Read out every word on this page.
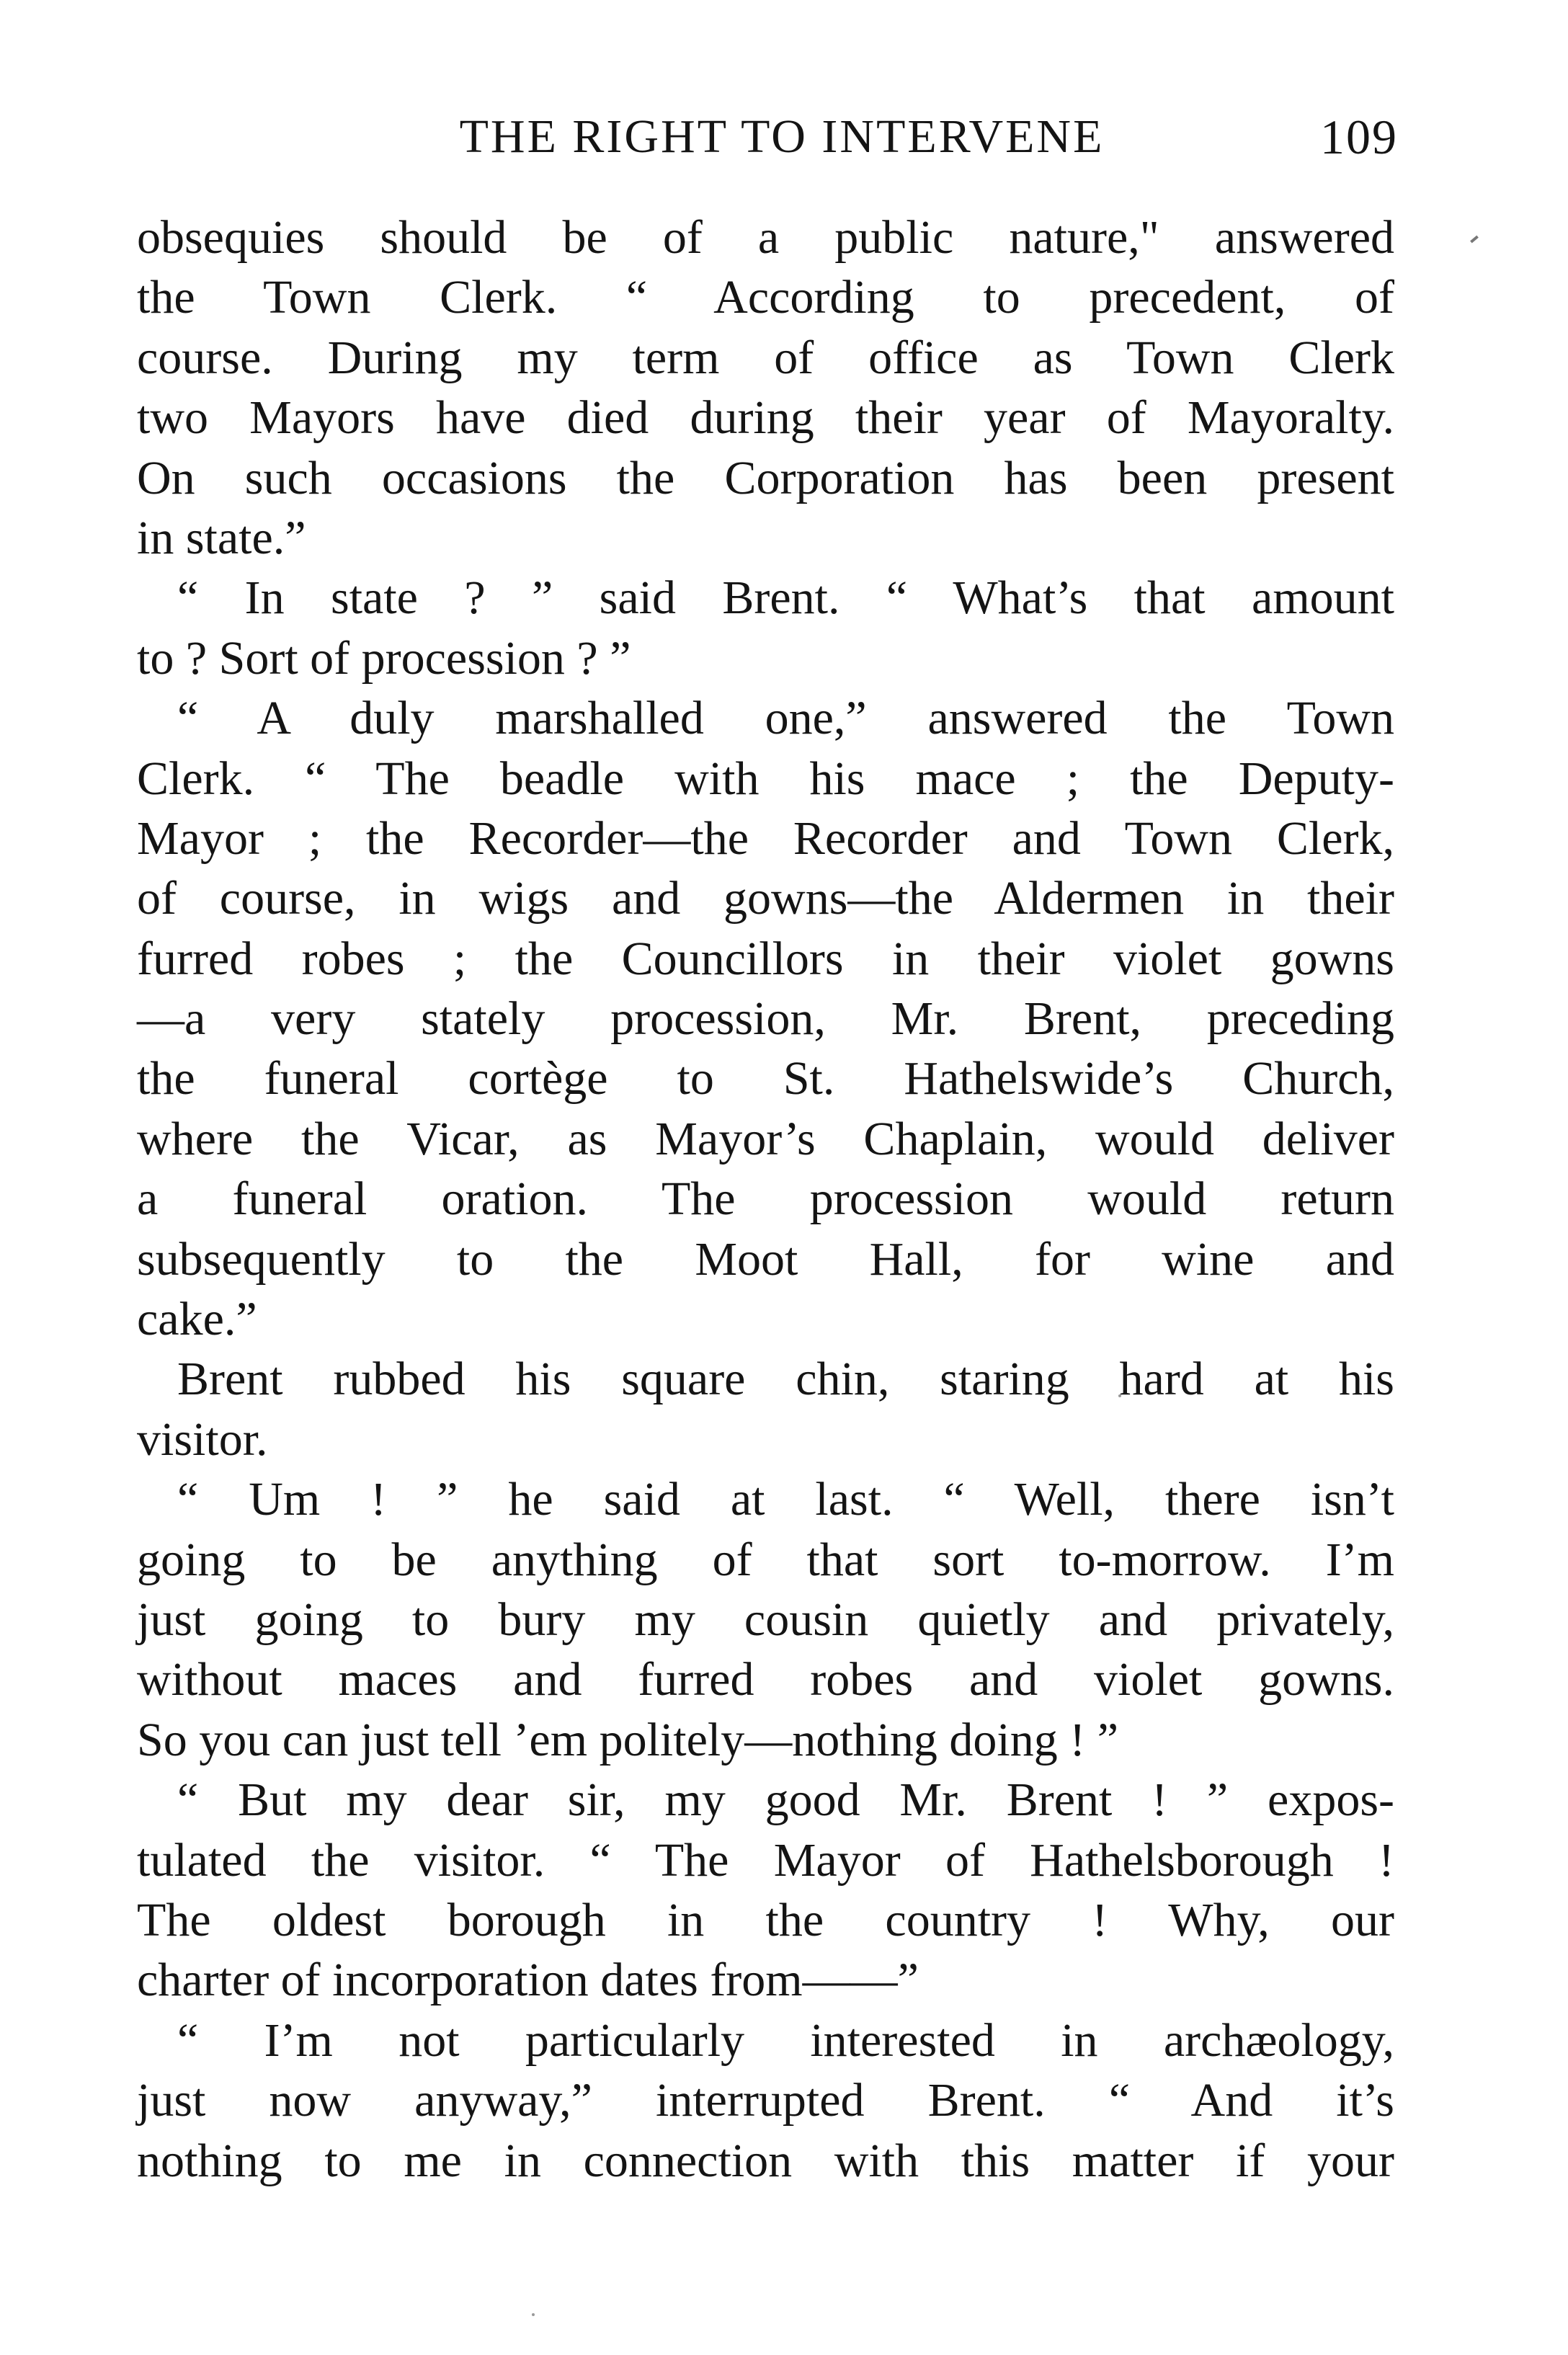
THE RIGHT TO INTERVENE	109
obsequies should be of a public nature," answered
the Town Clerk. “ According to precedent, of
course. During my term of office as Town Clerk
two Mayors have died during their year of Mayoralty.
On such occasions the Corporation has been present
in state.”
“ In state ? ” said Brent. “ What’s that amount
to ? Sort of procession ? ”
“ A duly marshalled one,” answered the Town
Clerk. “ The beadle with his mace ; the Deputy-
Mayor ; the Recorder—the Recorder and Town Clerk,
of course, in wigs and gowns—the Aldermen in their
furred robes ; the Councillors in their violet gowns
—a very stately procession, Mr. Brent, preceding
the funeral cortège to St. Hathelswide’s Church,
where the Vicar, as Mayor’s Chaplain, would deliver
a funeral oration. The procession would return
subsequently to the Moot Hall, for wine and
cake.”
Brent rubbed his square chin, staring hard at his
visitor.
“ Um ! ” he said at last. “ Well, there isn’t
going to be anything of that sort to-morrow. I’m
just going to bury my cousin quietly and privately,
without maces and furred robes and violet gowns.
So you can just tell ’em politely—nothing doing ! ”
“ But my dear sir, my good Mr. Brent ! ” expos-
tulated the visitor. “ The Mayor of Hathelsborough !
The oldest borough in the country ! Why, our
charter of incorporation dates from——”
“ I’m not particularly interested in archæology,
just now anyway,” interrupted Brent. “ And it’s
nothing to me in connection with this matter if your
